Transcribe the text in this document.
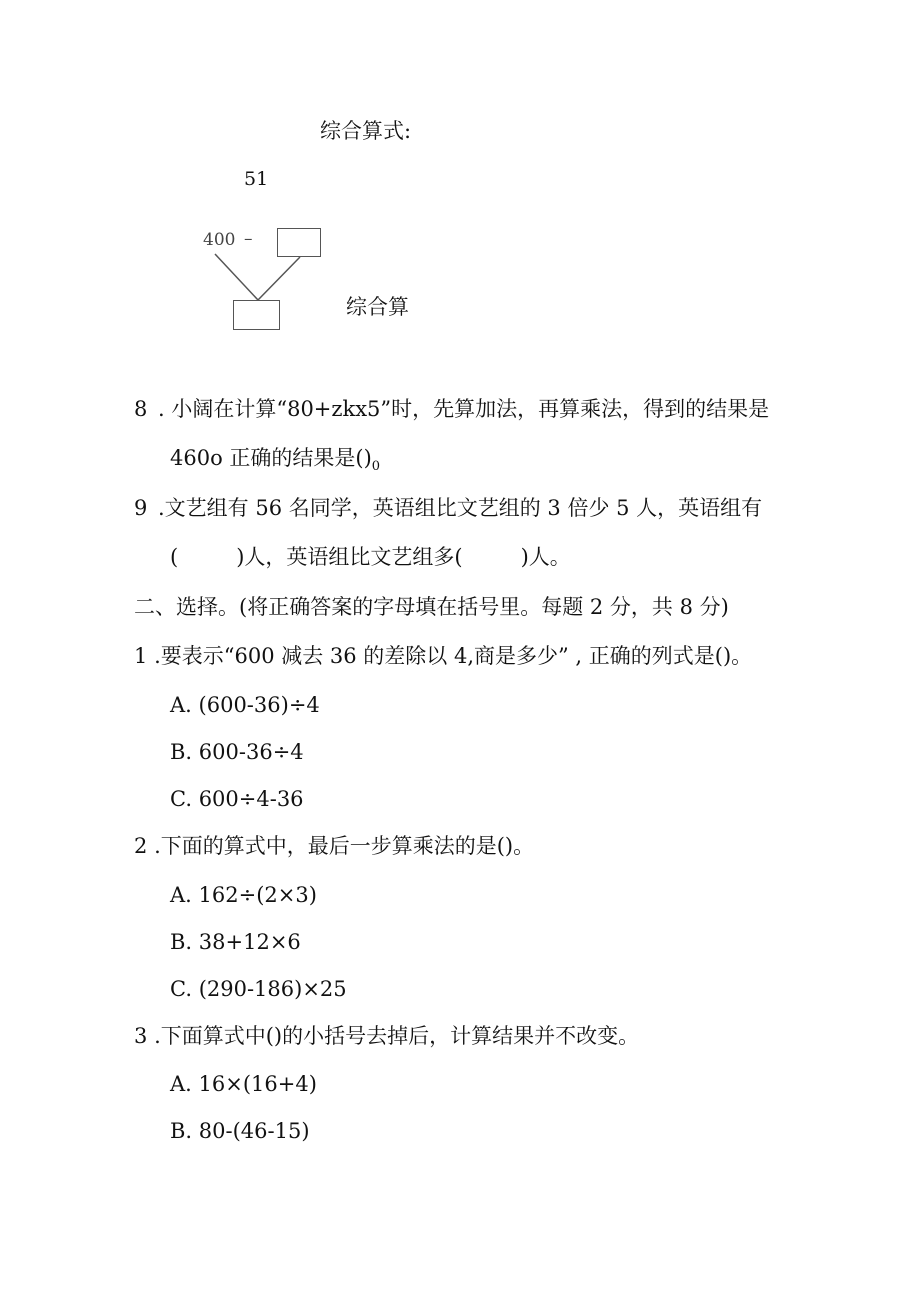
综合算式:
51
400 –
综合算
8 . 小阔在计算“80+zkx5”时，先算加法，再算乘法，得到的结果是
460o 正确的结果是$()_0$
9 .文艺组有 56 名同学，英语组比文艺组的 3 倍少 5 人，英语组有
(	)人，英语组比文艺组多(	)人。
二、选择。(将正确答案的字母填在括号里。每题 2 分，共 8 分)
1 .要表示“600 减去 36 的差除以 4,商是多少” , 正确的列式是()。
A. (600-36)÷4
B. 600-36÷4
C. 600÷4-36
2 .下面的算式中，最后一步算乘法的是()。
A. 162÷(2×3)
B. 38+12×6
C. (290-186)×25
3 .下面算式中()的小括号去掉后，计算结果并不改变。
A. 16×(16+4)
B. 80-(46-15)
